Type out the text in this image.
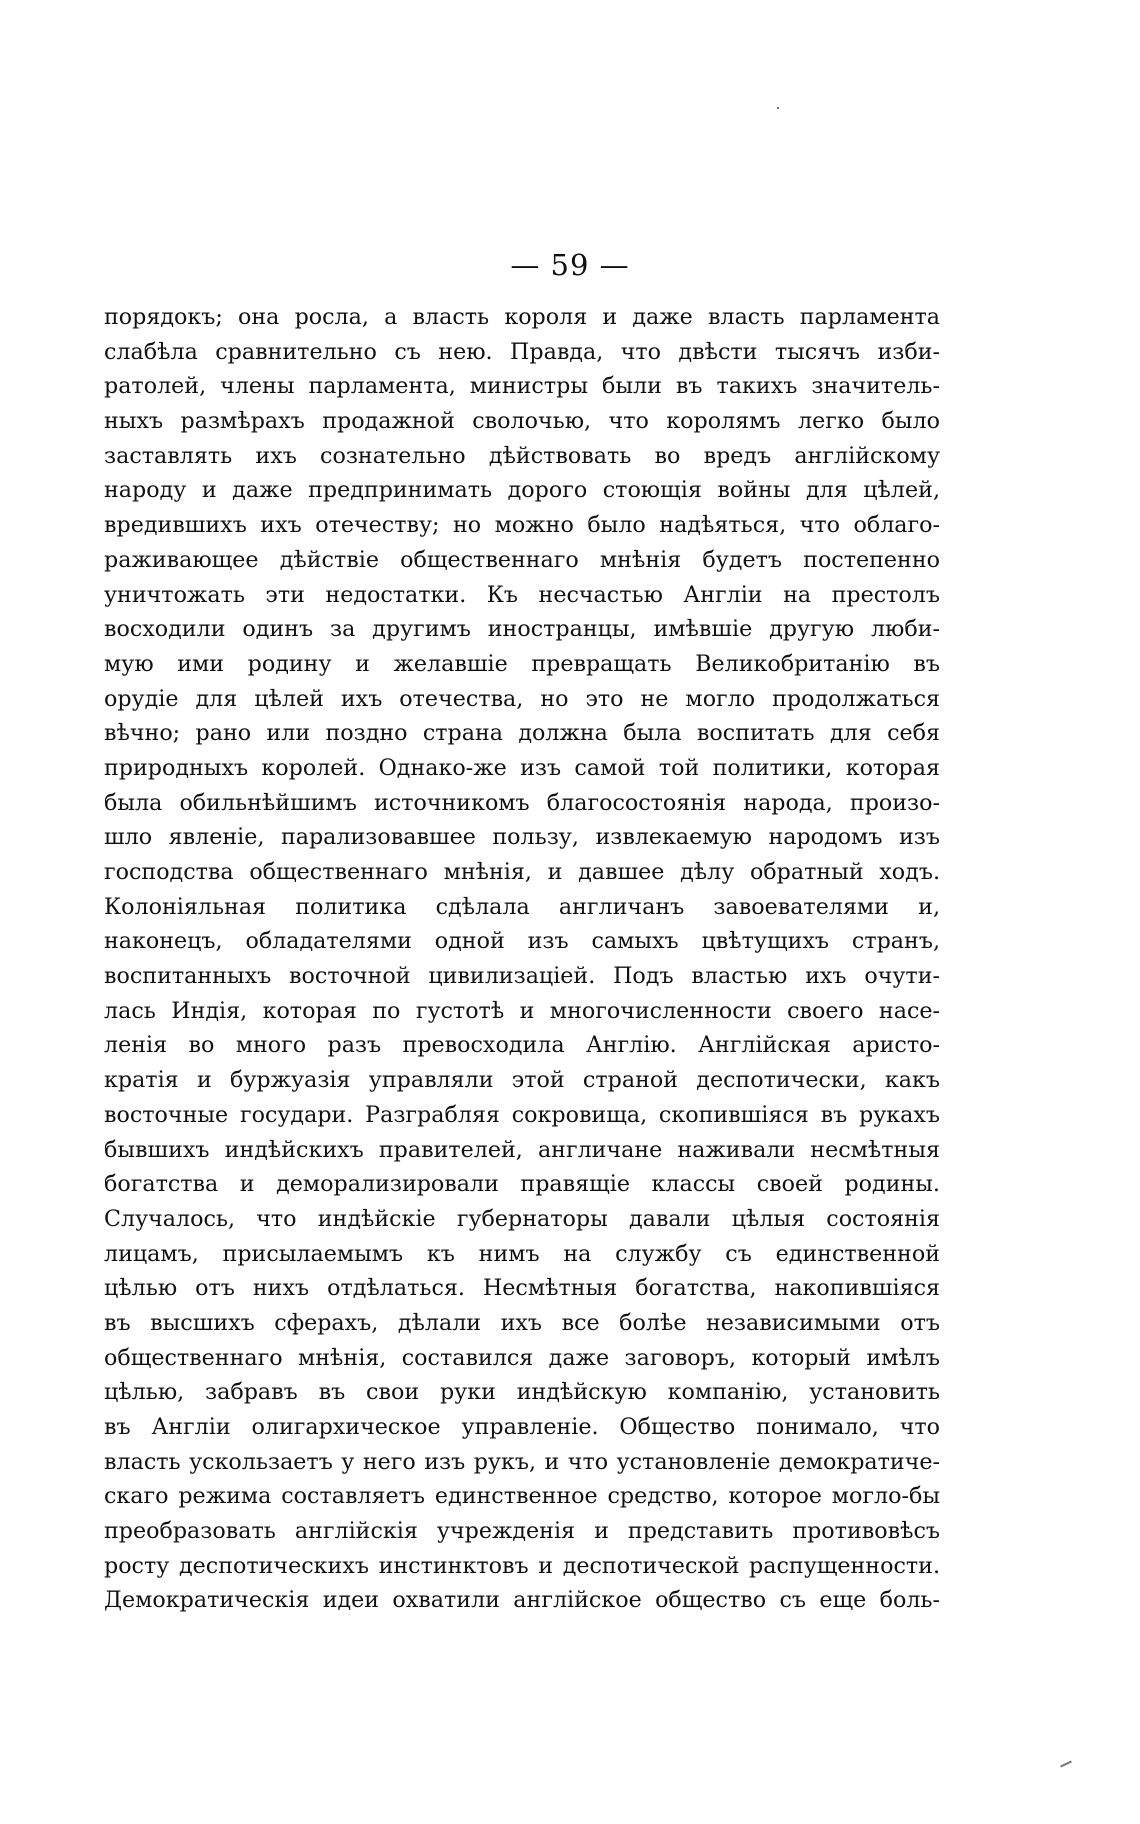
— 59 —
порядокъ; она росла, а власть короля и даже власть парламента
слабѣла сравнительно съ нею. Правда, что двѣсти тысячъ изби-
ратолей, члены парламента, министры были въ такихъ значитель-
ныхъ размѣрахъ продажной сволочью, что королямъ легко было
заставлять ихъ сознательно дѣйствовать во вредъ англійскому
народу и даже предпринимать дорого стоющія войны для цѣлей,
вредившихъ ихъ отечеству; но можно было надѣяться, что облаго-
раживающее дѣйствіе общественнаго мнѣнія будетъ постепенно
уничтожать эти недостатки. Къ несчастью Англіи на престолъ
восходили одинъ за другимъ иностранцы, имѣвшіе другую люби-
мую ими родину и желавшіе превращать Великобританію въ
орудіе для цѣлей ихъ отечества, но это не могло продолжаться
вѣчно; рано или поздно страна должна была воспитать для себя
природныхъ королей. Однако-же изъ самой той политики, которая
была обильнѣйшимъ источникомъ благосостоянія народа, произо-
шло явленіе, парализовавшее пользу, извлекаемую народомъ изъ
господства общественнаго мнѣнія, и давшее дѣлу обратный ходъ.
Колоніяльная политика сдѣлала англичанъ завоевателями и,
наконецъ, обладателями одной изъ самыхъ цвѣтущихъ странъ,
воспитанныхъ восточной цивилизаціей. Подъ властью ихъ очути-
лась Индія, которая по густотѣ и многочисленности своего насе-
ленія во много разъ превосходила Англію. Англійская аристо-
кратія и буржуазія управляли этой страной деспотически, какъ
восточные государи. Разграбляя сокровища, скопившіяся въ рукахъ
бывшихъ индѣйскихъ правителей, англичане наживали несмѣтныя
богатства и деморализировали правящіе классы своей родины.
Случалось, что индѣйскіе губернаторы давали цѣлыя состоянія
лицамъ, присылаемымъ къ нимъ на службу съ единственной
цѣлью отъ нихъ отдѣлаться. Несмѣтныя богатства, накопившіяся
въ высшихъ сферахъ, дѣлали ихъ все болѣе независимыми отъ
общественнаго мнѣнія, составился даже заговоръ, который имѣлъ
цѣлью, забравъ въ свои руки индѣйскую компанію, установить
въ Англіи олигархическое управленіе. Общество понимало, что
власть ускользаетъ у него изъ рукъ, и что установленіе демократиче-
скаго режима составляетъ единственное средство, которое могло-бы
преобразовать англійскія учрежденія и представить противовѣсъ
росту деспотическихъ инстинктовъ и деспотической распущенности.
Демократическія идеи охватили англійское общество съ еще боль-
